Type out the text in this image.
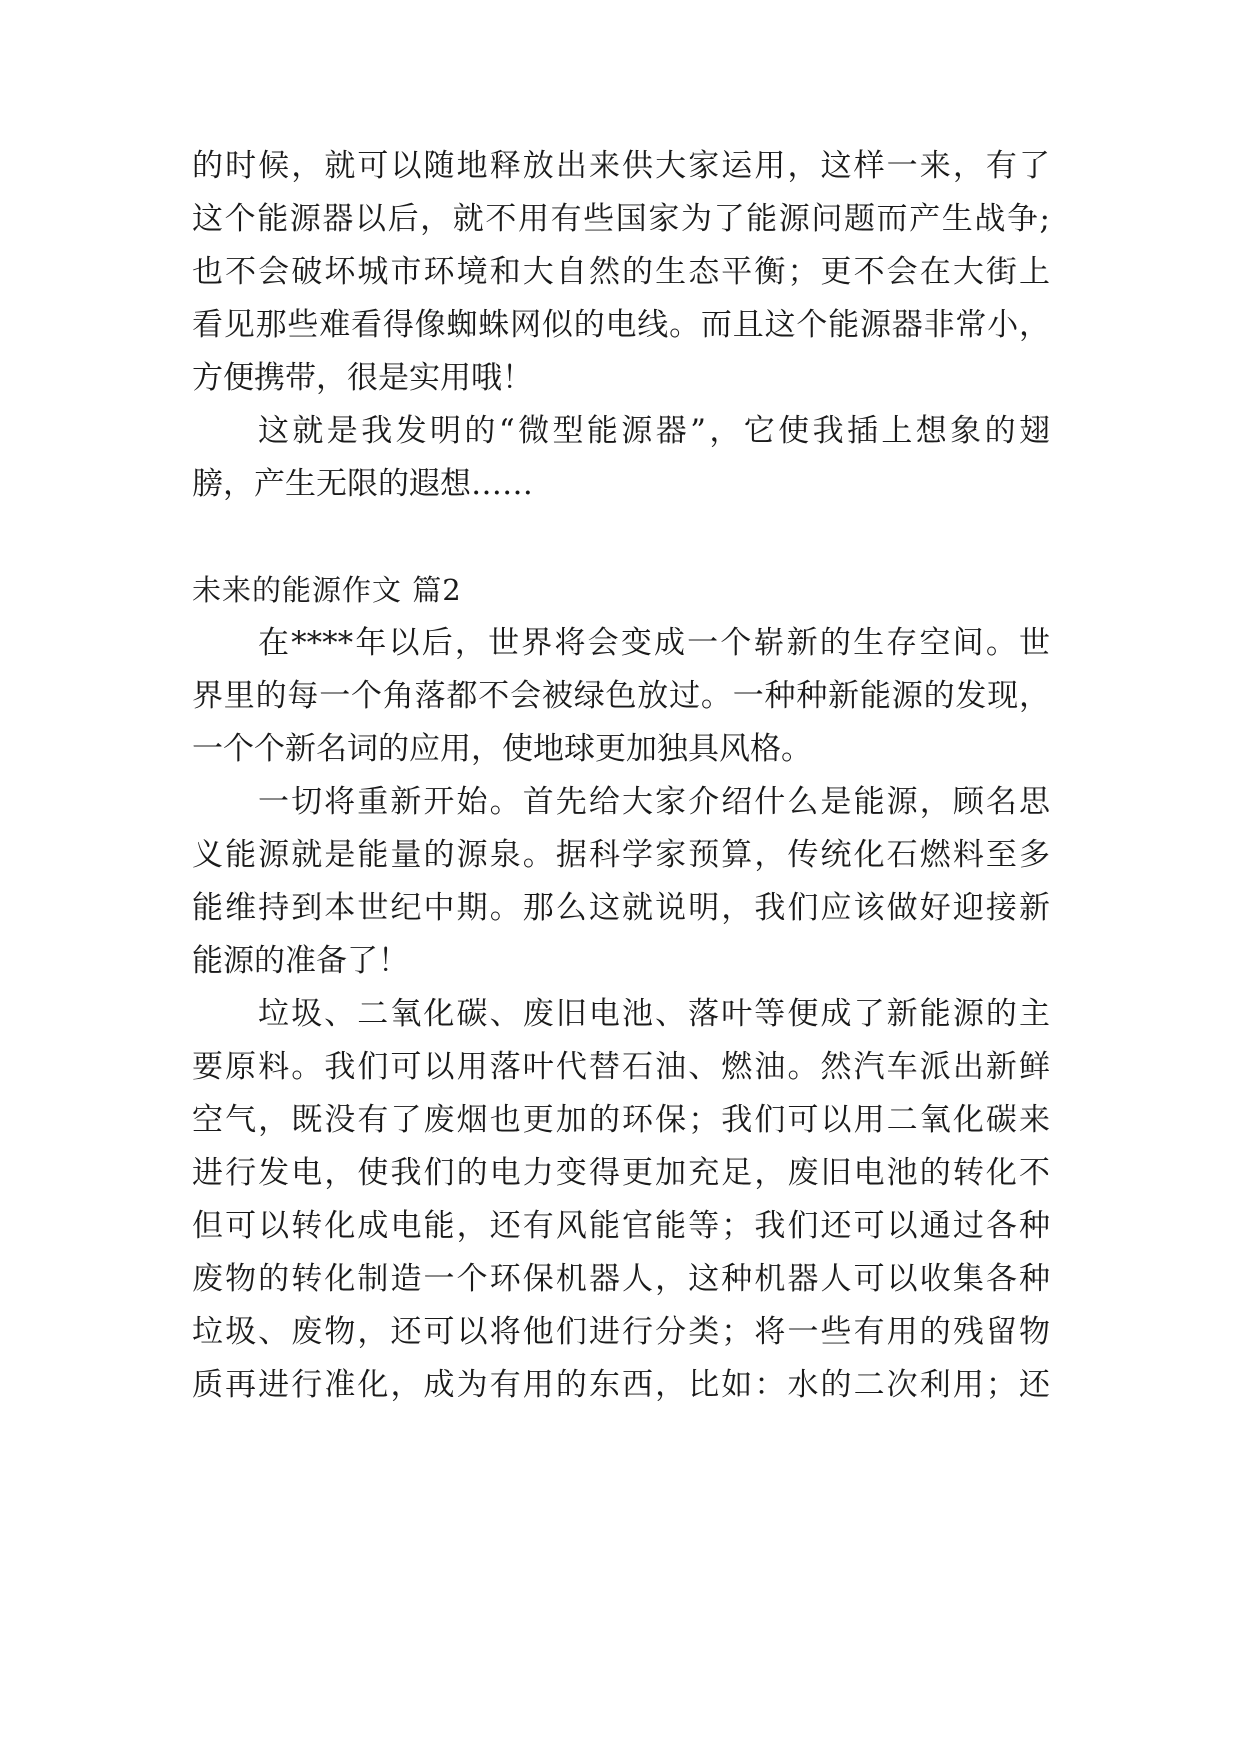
的时候，就可以随地释放出来供大家运用，这样一来，有了
这个能源器以后，就不用有些国家为了能源问题而产生战争;
也不会破坏城市环境和大自然的生态平衡；更不会在大街上
看见那些难看得像蜘蛛网似的电线。而且这个能源器非常小，
方便携带，很是实用哦！
这就是我发明的“微型能源器”，它使我插上想象的翅
膀，产生无限的遐想……
未来的能源作文 篇2
在****年以后，世界将会变成一个崭新的生存空间。世
界里的每一个角落都不会被绿色放过。一种种新能源的发现，
一个个新名词的应用，使地球更加独具风格。
一切将重新开始。首先给大家介绍什么是能源，顾名思
义能源就是能量的源泉。据科学家预算，传统化石燃料至多
能维持到本世纪中期。那么这就说明，我们应该做好迎接新
能源的准备了！
垃圾、二氧化碳、废旧电池、落叶等便成了新能源的主
要原料。我们可以用落叶代替石油、燃油。然汽车派出新鲜
空气，既没有了废烟也更加的环保；我们可以用二氧化碳来
进行发电，使我们的电力变得更加充足，废旧电池的转化不
但可以转化成电能，还有风能官能等；我们还可以通过各种
废物的转化制造一个环保机器人，这种机器人可以收集各种
垃圾、废物，还可以将他们进行分类；将一些有用的残留物
质再进行准化，成为有用的东西，比如：水的二次利用；还
